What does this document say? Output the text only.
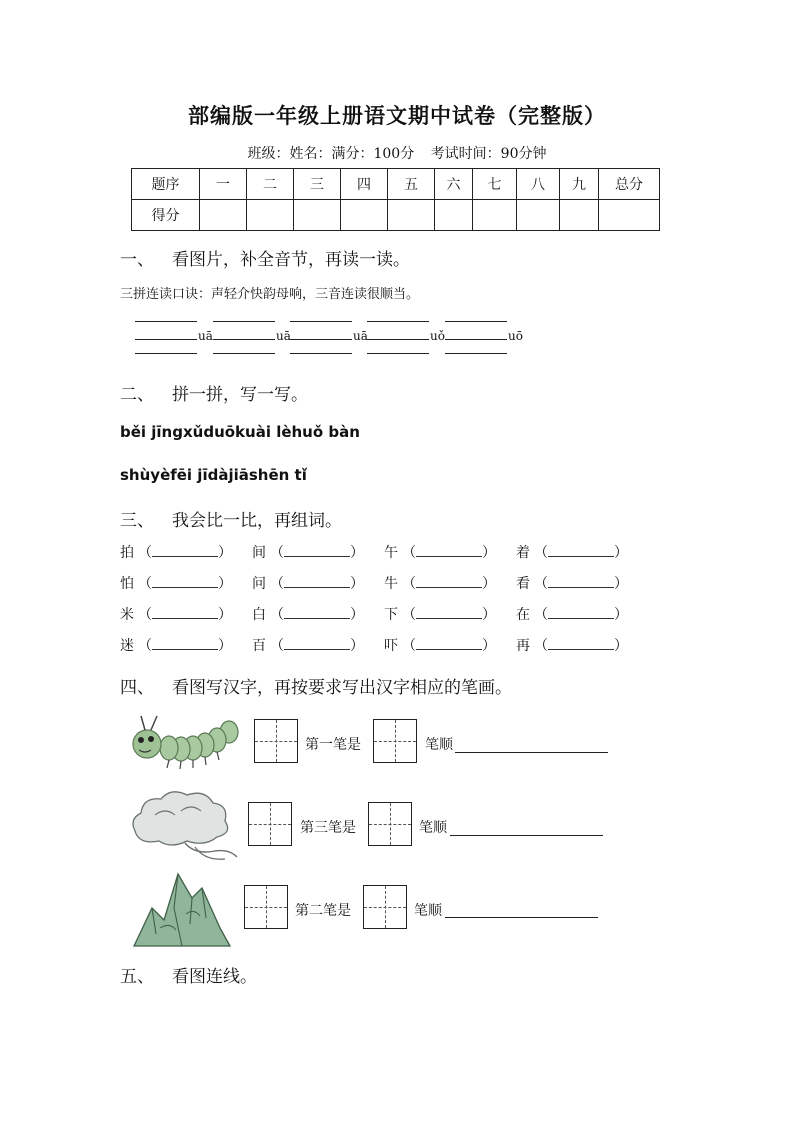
部编版一年级上册语文期中试卷（完整版）
班级：姓名：满分：100分 考试时间：90分钟
题序	一	二	三	四	五	六	七	八	九	总分
得分										
一、 看图片，补全音节，再读一读。
三拼连读口诀：声轻介快韵母响，三音连读很顺当。
uā	uā	uā	uǒ	uō
二、 拼一拼，写一写。
běi jīngxǔduōkuài lèhuǒ bàn
shùyèfēi jīdàjiāshēn tǐ
三、 我会比一比，再组词。
拍 （	） 间 （	） 午 （	） 着 （	）
怕 （	） 问 （	） 牛 （	） 看 （	）
米 （	） 白 （	） 下 （	） 在 （	）
迷 （	） 百 （	） 吓 （	） 再 （	）
四、 看图写汉字，再按要求写出汉字相应的笔画。
第一笔是	笔顺
第三笔是	笔顺
第二笔是	笔顺
五、 看图连线。
